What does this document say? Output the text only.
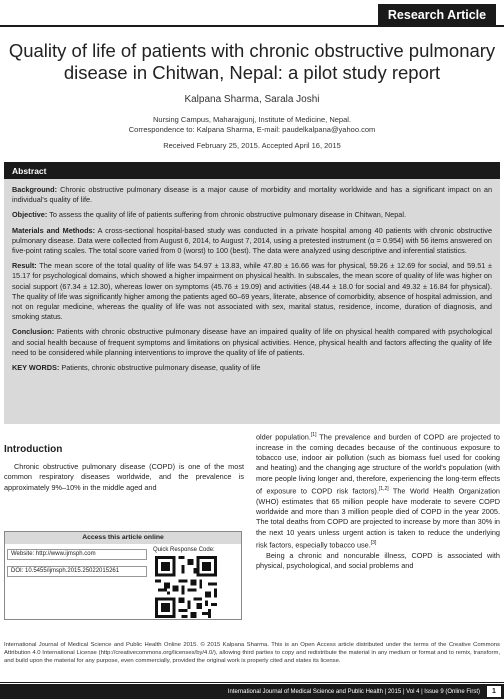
Research Article
Quality of life of patients with chronic obstructive pulmonary disease in Chitwan, Nepal: a pilot study report
Kalpana Sharma, Sarala Joshi
Nursing Campus, Maharajgunj, Institute of Medicine, Nepal.
Correspondence to: Kalpana Sharma, E-mail: paudelkalpana@yahoo.com
Received February 25, 2015. Accepted April 16, 2015
Abstract

Background: Chronic obstructive pulmonary disease is a major cause of morbidity and mortality worldwide and has a significant impact on an individual's quality of life.

Objective: To assess the quality of life of patients suffering from chronic obstructive pulmonary disease in Chitwan, Nepal.

Materials and Methods: A cross-sectional hospital-based study was conducted in a private hospital among 40 patients with chronic obstructive pulmonary disease. Data were collected from August 6, 2014, to August 7, 2014, using a pretested instrument (α = 0.954) with 56 items answered on five-point rating scales. The total score varied from 0 (worst) to 100 (best). The data were analyzed using descriptive and inferential statistics.

Result: The mean score of the total quality of life was 54.97 ± 13.83, while 47.80 ± 16.66 was for physical, 59.26 ± 12.69 for social, and 59.51 ± 15.17 for psychological domains, which showed a higher impairment on physical health. In subscales, the mean score of quality of life was higher on social support (67.34 ± 12.30), whereas lower on symptoms (45.76 ± 19.09) and activities (48.44 ± 18.0 for social and 49.32 ± 16.84 for physical). The quality of life was significantly higher among the patients aged 60–69 years, literate, absence of comorbidity, absence of hospital admission, and not on regular medicine, whereas the quality of life was not associated with sex, marital status, residence, income, duration of diagnosis, and smoking status.

Conclusion: Patients with chronic obstructive pulmonary disease have an impaired quality of life on physical health compared with psychological and social health because of frequent symptoms and limitations on physical activities. Hence, physical health and factors affecting the quality of life need to be considered while planning interventions to improve the quality of life of patients.

KEY WORDS: Patients, chronic obstructive pulmonary disease, quality of life

Introduction
Chronic obstructive pulmonary disease (COPD) is one of the most common respiratory diseases worldwide, and the prevalence is approximately 9%–10% in the middle aged and
Access this article online
Website: http://www.ijmsph.com
DOI: 10.5455/ijmsph.2015.25022015261
Quick Response Code:

older population.[1] The prevalence and burden of COPD are projected to increase in the coming decades because of the continuous exposure to tobacco use, indoor air pollution (such as biomass fuel used for cooking and heating) and the changing age structure of the world's population (with more people living longer and, therefore, experiencing the long-term effects of exposure to COPD risk factors).[1,2] The World Health Organization (WHO) estimates that 65 million people have moderate to severe COPD worldwide and more than 3 million people died of COPD in the year 2005. The total deaths from COPD are projected to increase by more than 30% in the next 10 years unless urgent action is taken to reduce the underlying risk factors, especially tobacco use.[3]

Being a chronic and noncurable illness, COPD is associated with physical, psychological, and social problems and

International Journal of Medical Science and Public Health Online 2015. © 2015 Kalpana Sharma. This is an Open Access article distributed under the terms of the Creative Commons Attribution 4.0 International License (http://creativecommons.org/licenses/by/4.0/), allowing third parties to copy and redistribute the material in any medium or format and to remix, transform, and build upon the material for any purpose, even commercially, provided the original work is properly cited and states its license.
International Journal of Medical Science and Public Health | 2015 | Vol 4 | Issue 9 (Online First)	1
